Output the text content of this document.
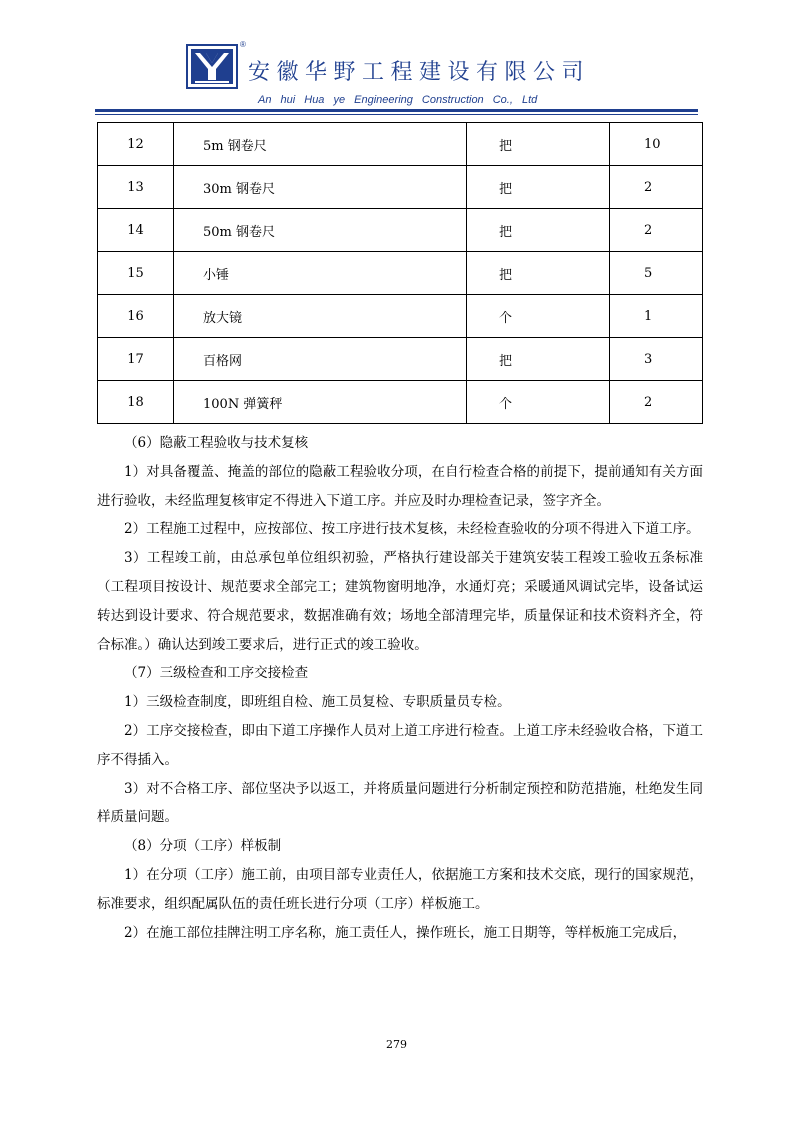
®
安徽华野工程建设有限公司
An hui Hua ye Engineering Construction Co., Ltd
12	5m 钢卷尺	把	10
13	30m 钢卷尺	把	2
14	50m 钢卷尺	把	2
15	小锤	把	5
16	放大镜	个	1
17	百格网	把	3
18	100N 弹簧秤	个	2

（6）隐蔽工程验收与技术复核

1）对具备覆盖、掩盖的部位的隐蔽工程验收分项，在自行检查合格的前提下，提前通知有关方面进行验收，未经监理复核审定不得进入下道工序。并应及时办理检查记录，签字齐全。

2）工程施工过程中，应按部位、按工序进行技术复核，未经检查验收的分项不得进入下道工序。

3）工程竣工前，由总承包单位组织初验，严格执行建设部关于建筑安装工程竣工验收五条标准（工程项目按设计、规范要求全部完工；建筑物窗明地净，水通灯亮；采暖通风调试完毕，设备试运转达到设计要求、符合规范要求，数据准确有效；场地全部清理完毕，质量保证和技术资料齐全，符合标准。）确认达到竣工要求后，进行正式的竣工验收。

（7）三级检查和工序交接检查

1）三级检查制度，即班组自检、施工员复检、专职质量员专检。

2）工序交接检查，即由下道工序操作人员对上道工序进行检查。上道工序未经验收合格，下道工序不得插入。

3）对不合格工序、部位坚决予以返工，并将质量问题进行分析制定预控和防范措施，杜绝发生同样质量问题。

（8）分项（工序）样板制

1）在分项（工序）施工前，由项目部专业责任人，依据施工方案和技术交底，现行的国家规范，标准要求，组织配属队伍的责任班长进行分项（工序）样板施工。

2）在施工部位挂牌注明工序名称，施工责任人，操作班长，施工日期等，等样板施工完成后，

279
